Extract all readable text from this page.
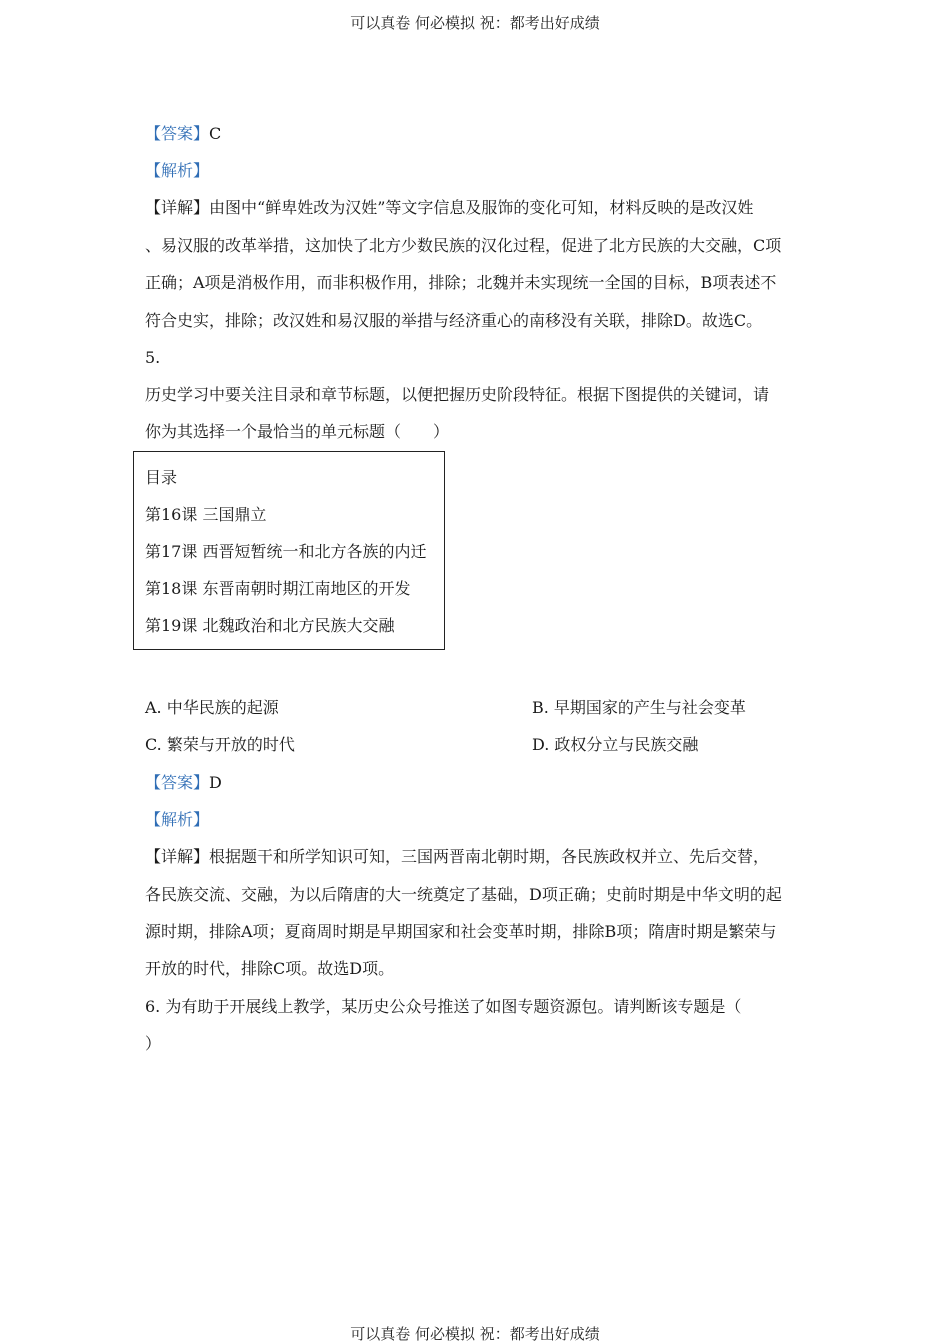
可以真卷 何必模拟 祝：都考出好成绩
【答案】C
【解析】
【详解】由图中“鲜卑姓改为汉姓”等文字信息及服饰的变化可知，材料反映的是改汉姓
、易汉服的改革举措，这加快了北方少数民族的汉化过程，促进了北方民族的大交融，C项
正确；A项是消极作用，而非积极作用，排除；北魏并未实现统一全国的目标，B项表述不
符合史实，排除；改汉姓和易汉服的举措与经济重心的南移没有关联，排除D。故选C。
5.
历史学习中要关注目录和章节标题，以便把握历史阶段特征。根据下图提供的关键词，请
你为其选择一个最恰当的单元标题（　　）
目录
第16课 三国鼎立
第17课 西晋短暂统一和北方各族的内迁
第18课 东晋南朝时期江南地区的开发
第19课 北魏政治和北方民族大交融
A. 中华民族的起源	B. 早期国家的产生与社会变革
C. 繁荣与开放的时代	D. 政权分立与民族交融
【答案】D
【解析】
【详解】根据题干和所学知识可知，三国两晋南北朝时期，各民族政权并立、先后交替，
各民族交流、交融，为以后隋唐的大一统奠定了基础，D项正确；史前时期是中华文明的起
源时期，排除A项；夏商周时期是早期国家和社会变革时期，排除B项；隋唐时期是繁荣与
开放的时代，排除C项。故选D项。
6. 为有助于开展线上教学，某历史公众号推送了如图专题资源包。请判断该专题是（
）
可以真卷 何必模拟 祝：都考出好成绩
